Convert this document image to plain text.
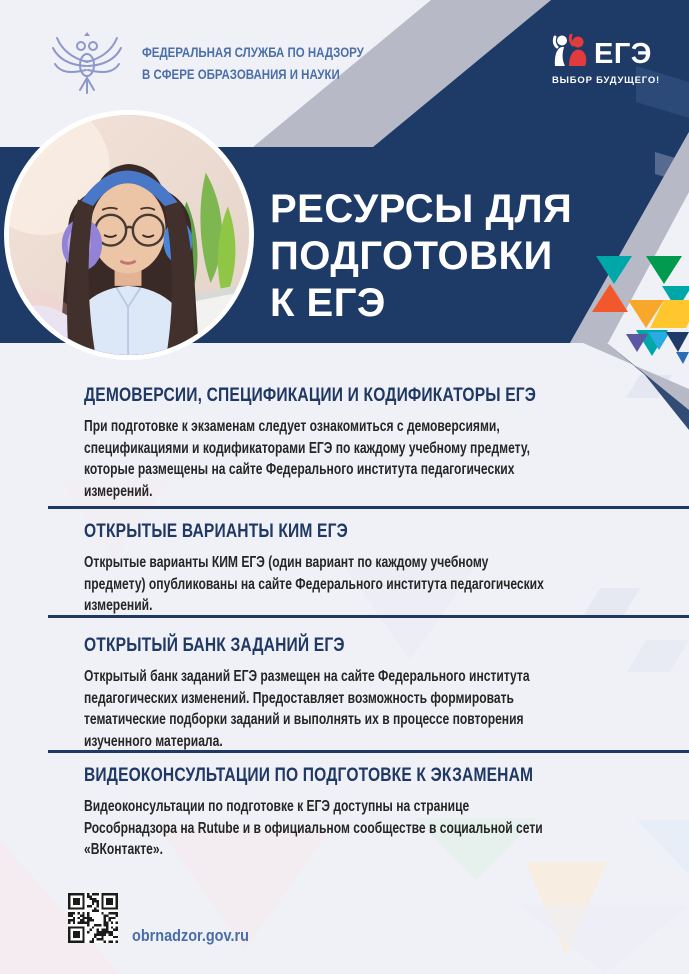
ФЕДЕРАЛЬНАЯ СЛУЖБА ПО НАДЗОРУ
В СФЕРЕ ОБРАЗОВАНИЯ И НАУКИ
ЕГЭ
ВЫБОР БУДУЩЕГО!
РЕСУРСЫ ДЛЯ
ПОДГОТОВКИ
К ЕГЭ
ДЕМОВЕРСИИ, СПЕЦИФИКАЦИИ И КОДИФИКАТОРЫ ЕГЭ

При подготовке к экзаменам следует ознакомиться с демоверсиями, спецификациями и кодификаторами ЕГЭ по каждому учебному предмету, которые размещены на сайте Федерального института педагогических измерений.

ОТКРЫТЫЕ ВАРИАНТЫ КИМ ЕГЭ

Открытые варианты КИМ ЕГЭ (один вариант по каждому учебному предмету) опубликованы на сайте Федерального института педагогических измерений.

ОТКРЫТЫЙ БАНК ЗАДАНИЙ ЕГЭ

Открытый банк заданий ЕГЭ размещен на сайте Федерального института педагогических изменений. Предоставляет возможность формировать тематические подборки заданий и выполнять их в процессе повторения изученного материала.

ВИДЕОКОНСУЛЬТАЦИИ ПО ПОДГОТОВКЕ К ЭКЗАМЕНАМ

Видеоконсультации по подготовке к ЕГЭ доступны на странице Рособрнадзора на Rutube и в официальном сообществе в социальной сети «ВКонтакте».

obrnadzor.gov.ru
